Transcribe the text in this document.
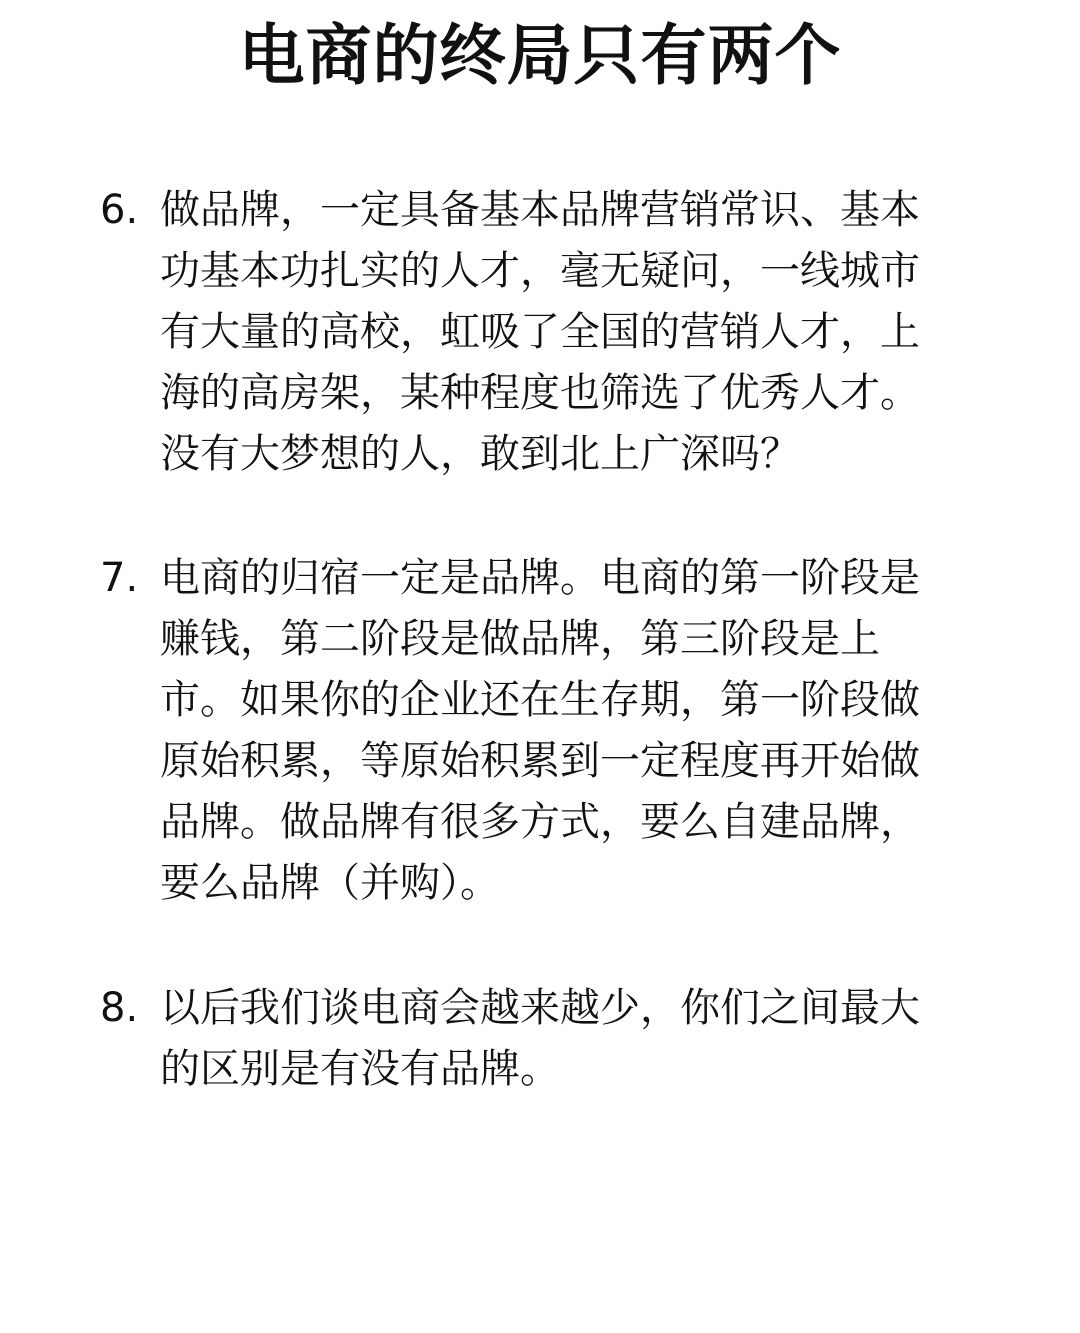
电商的终局只有两个
6. 做品牌，一定具备基本品牌营销常识、基本
功基本功扎实的人才，毫无疑问，一线城市
有大量的高校，虹吸了全国的营销人才，上
海的高房架，某种程度也筛选了优秀人才。
没有大梦想的人，敢到北上广深吗？
7. 电商的归宿一定是品牌。电商的第一阶段是
赚钱，第二阶段是做品牌，第三阶段是上
市。如果你的企业还在生存期，第一阶段做
原始积累，等原始积累到一定程度再开始做
品牌。做品牌有很多方式，要么自建品牌，
要么品牌（并购）。
8. 以后我们谈电商会越来越少，你们之间最大
的区别是有没有品牌。
